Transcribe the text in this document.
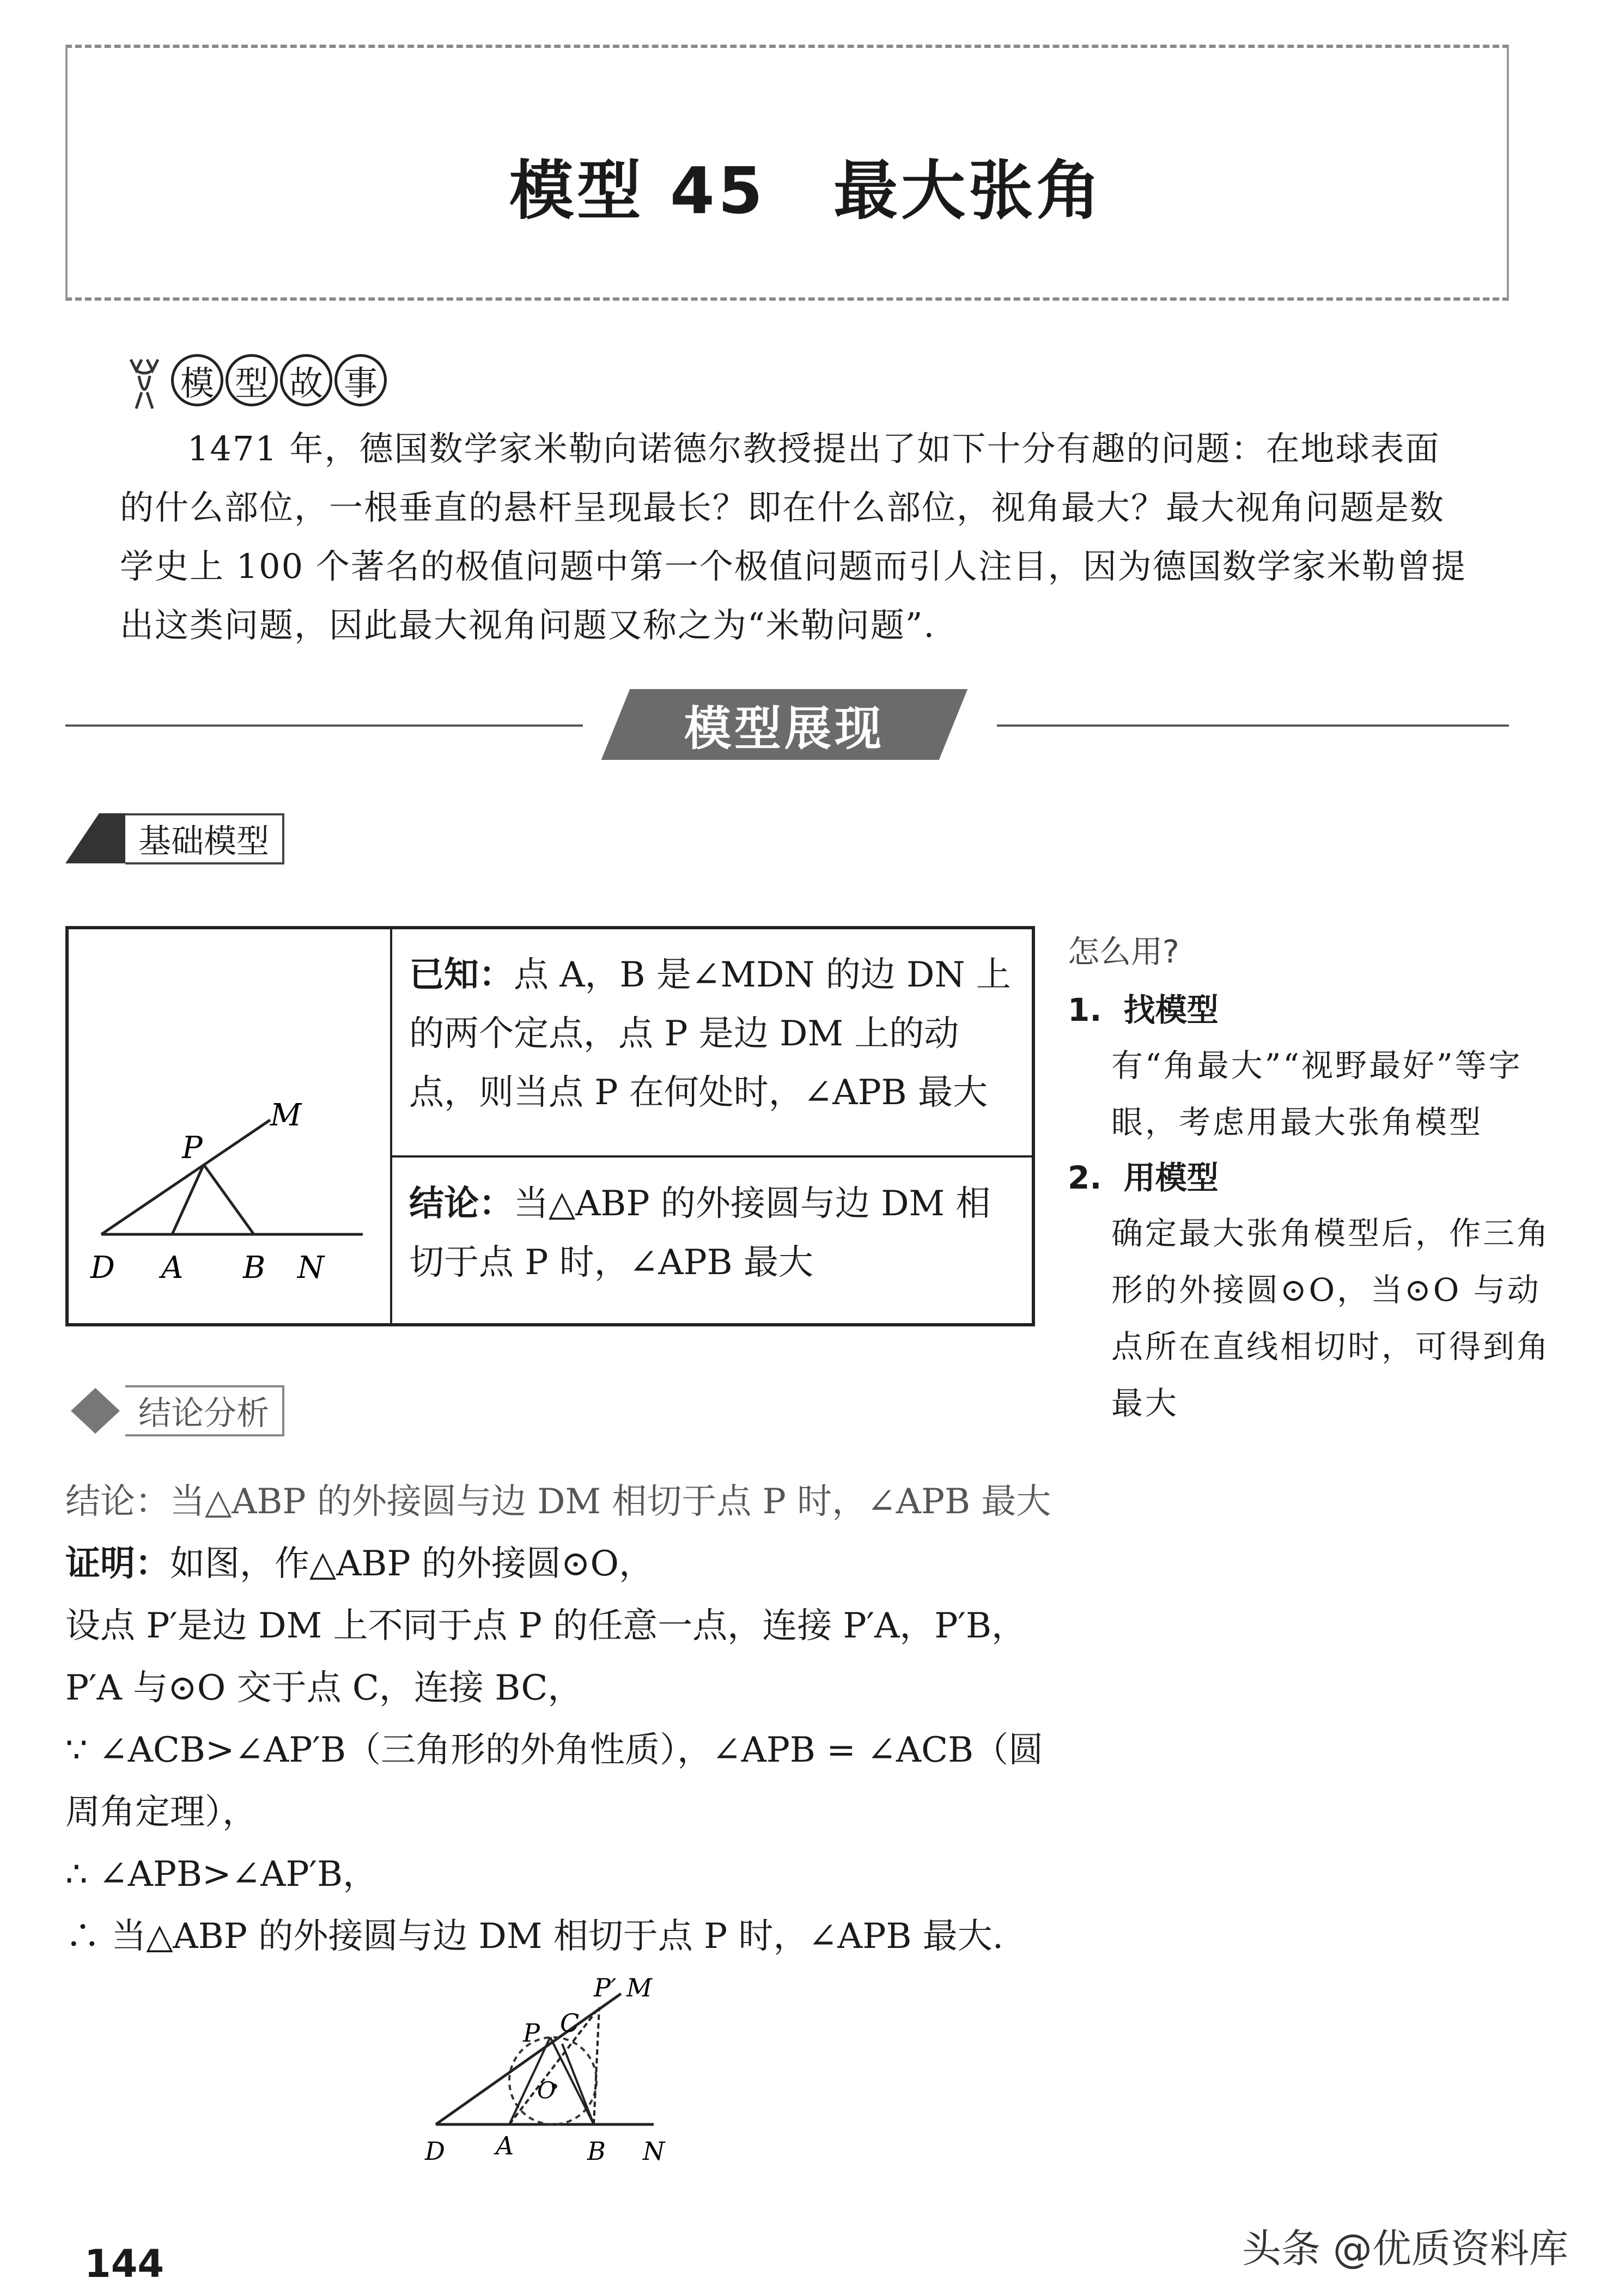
模型 45　最大张角
模 型 故 事
1471 年，德国数学家米勒向诺德尔教授提出了如下十分有趣的问题：在地球表面的什么部位，一根垂直的悬杆呈现最长？即在什么部位，视角最大？最大视角问题是数学史上 100 个著名的极值问题中第一个极值问题而引人注目，因为德国数学家米勒曾提出这类问题，因此最大视角问题又称之为“米勒问题”.
模型展现
基础模型
M
P
D A B N
已知：点 A，B 是∠MDN 的边 DN 上的两个定点，点 P 是边 DM 上的动点，则当点 P 在何处时，∠APB 最大
结论：当△ABP 的外接圆与边 DM 相切于点 P 时，∠APB 最大
怎么用?
1. 找模型
有“角最大”“视野最好”等字眼，考虑用最大张角模型
2. 用模型
确定最大张角模型后，作三角形的外接圆⊙O，当⊙O 与动点所在直线相切时，可得到角最大
结论分析

结论：当△ABP 的外接圆与边 DM 相切于点 P 时，∠APB 最大

证明：如图，作△ABP 的外接圆⊙O，

设点 P′是边 DM 上不同于点 P 的任意一点，连接 P′A，P′B，P′A 与⊙O 交于点 C，连接 BC，

∵ ∠ACB>∠AP′B（三角形的外角性质），∠APB = ∠ACB（圆周角定理），

∴ ∠APB>∠AP′B，

∴ 当△ABP 的外接圆与边 DM 相切于点 P 时，∠APB 最大.

P′ M
C
P
O
D A	B N
144	头条 @优质资料库
